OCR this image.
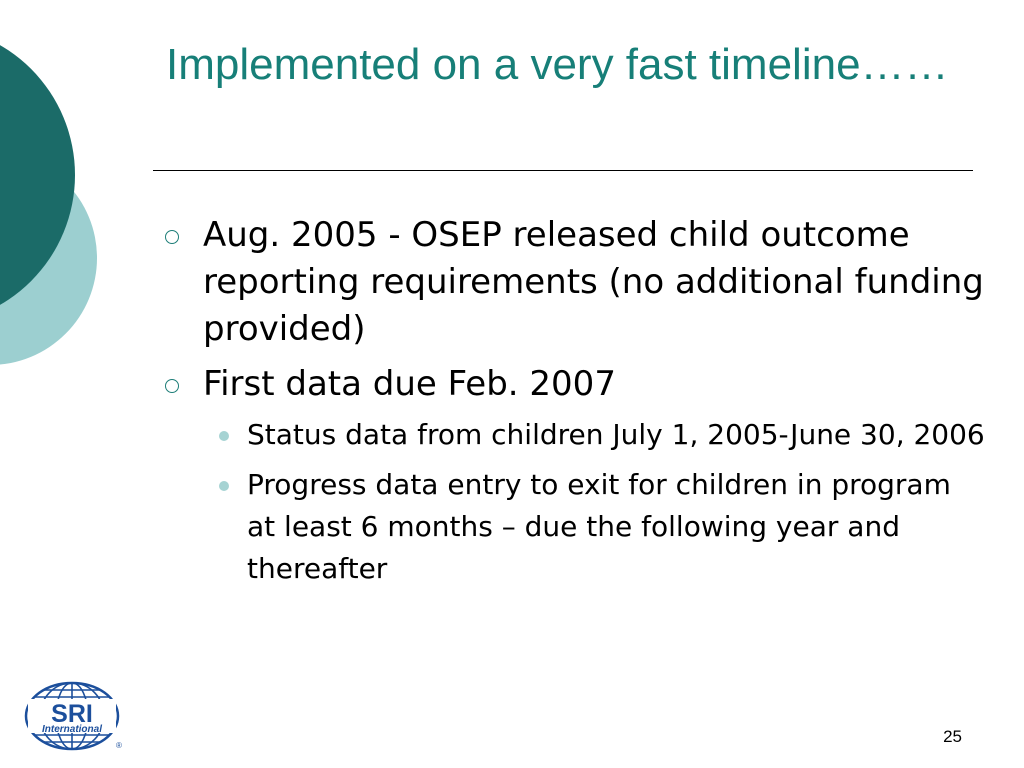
Implemented on a very fast timeline……
Aug. 2005 - OSEP released child outcome reporting requirements (no additional funding provided)
First data due Feb. 2007
Status data from children July 1, 2005-June 30, 2006
Progress data entry to exit for children in program at least 6 months – due the following year and thereafter
SRI
International
®	25
